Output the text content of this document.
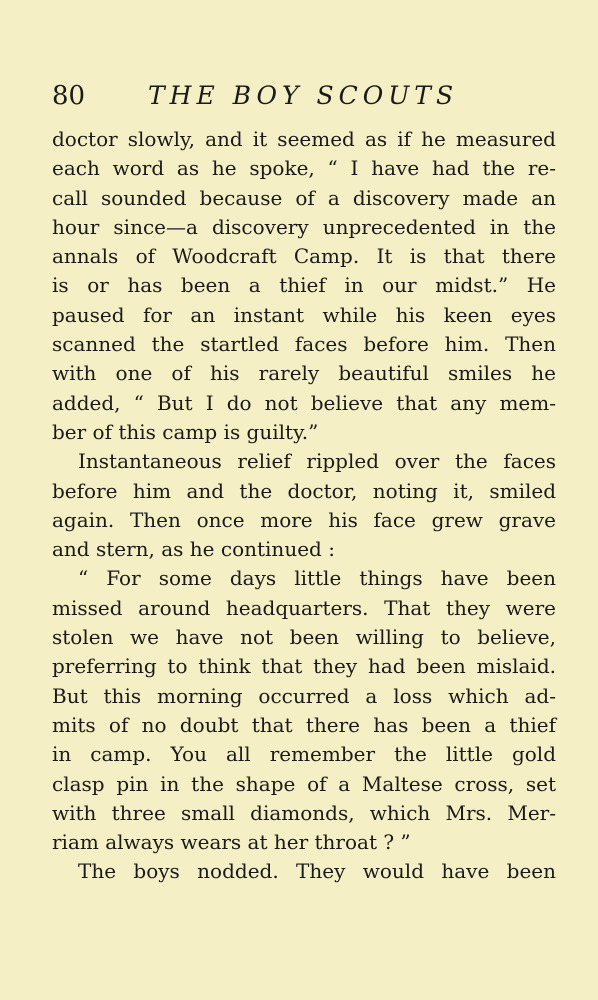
80	THE BOY SCOUTS
doctor slowly, and it seemed as if he measured
each word as he spoke, “ I have had the re-
call sounded because of a discovery made an
hour since—a discovery unprecedented in the
annals of Woodcraft Camp. It is that there
is or has been a thief in our midst.” He
paused for an instant while his keen eyes
scanned the startled faces before him. Then
with one of his rarely beautiful smiles he
added, “ But I do not believe that any mem-
ber of this camp is guilty.”
Instantaneous relief rippled over the faces
before him and the doctor, noting it, smiled
again. Then once more his face grew grave
and stern, as he continued :
“ For some days little things have been
missed around headquarters. That they were
stolen we have not been willing to believe,
preferring to think that they had been mislaid.
But this morning occurred a loss which ad-
mits of no doubt that there has been a thief
in camp. You all remember the little gold
clasp pin in the shape of a Maltese cross, set
with three small diamonds, which Mrs. Mer-
riam always wears at her throat ? ”
The boys nodded. They would have been
